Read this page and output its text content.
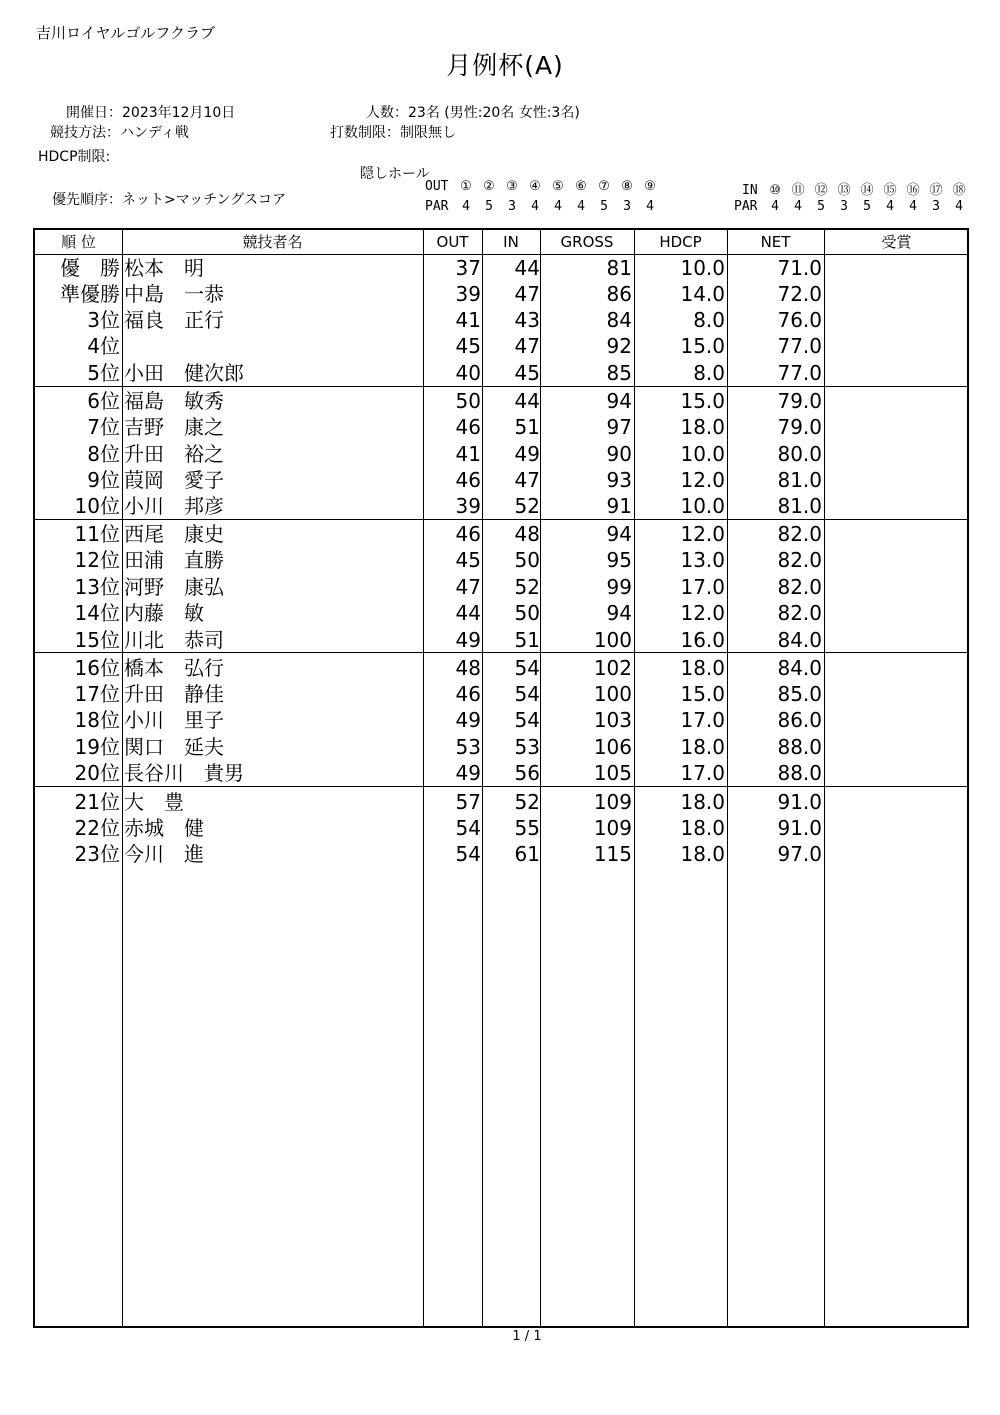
吉川ロイヤルゴルフクラブ
月例杯(A)
開催日：2023年12月10日
競技方法：ハンディ戦
HDCP制限:
人数：23名 (男性:20名 女性:3名)
打数制限：制限無し
隠しホール
優先順序：ネット>マッチングスコア
OUT ① ② ③ ④ ⑤ ⑥ ⑦ ⑧ ⑨
PAR 4 5 3 4 4 4 5 3 4
IN ⑩ ⑪ ⑫ ⑬ ⑭ ⑮ ⑯ ⑰ ⑱
PAR 4 4 5 3 5 4 4 3 4
順 位	競技者名	OUT	IN	GROSS	HDCP	NET	受賞
優　勝 松本　明	37	44	81	10.0	71.0
準優勝 中島　一恭	39	47	86	14.0	72.0
3位 福良　正行	41	43	84	8.0	76.0
4位	45	47	92	15.0	77.0
5位 小田　健次郎	40	45	85	8.0	77.0
6位 福島　敏秀	50	44	94	15.0	79.0
7位 吉野　康之	46	51	97	18.0	79.0
8位 升田　裕之	41	49	90	10.0	80.0
9位 葭岡　愛子	46	47	93	12.0	81.0
10位 小川　邦彦	39	52	91	10.0	81.0
11位 西尾　康史	46	48	94	12.0	82.0
12位 田浦　直勝	45	50	95	13.0	82.0
13位 河野　康弘	47	52	99	17.0	82.0
14位 内藤　敏	44	50	94	12.0	82.0
15位 川北　恭司	49	51	100	16.0	84.0
16位 橋本　弘行	48	54	102	18.0	84.0
17位 升田　静佳	46	54	100	15.0	85.0
18位 小川　里子	49	54	103	17.0	86.0
19位 関口　延夫	53	53	106	18.0	88.0
20位 長谷川　貴男	49	56	105	17.0	88.0
21位 大　豊	57	52	109	18.0	91.0
22位 赤城　健	54	55	109	18.0	91.0
23位 今川　進	54	61	115	18.0	97.0
1 / 1
